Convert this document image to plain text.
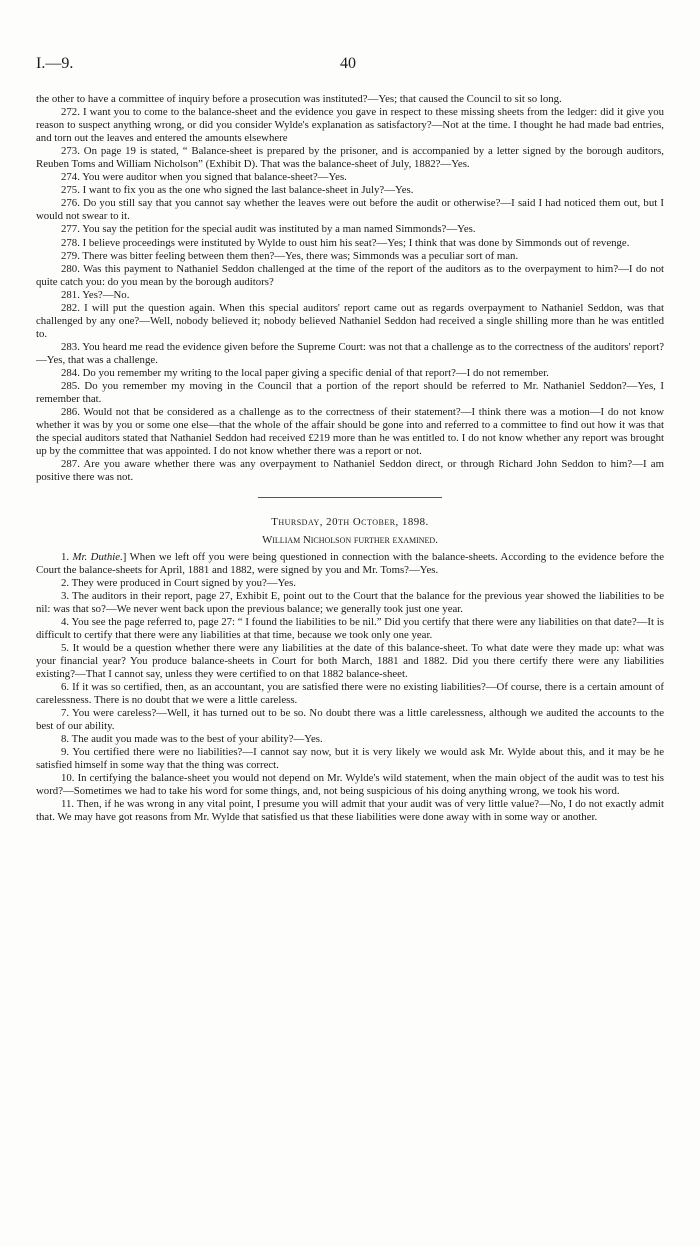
I.—9.	40

the other to have a committee of inquiry before a prosecution was instituted?—Yes; that caused the Council to sit so long.

272. I want you to come to the balance-sheet and the evidence you gave in respect to these missing sheets from the ledger: did it give you reason to suspect anything wrong, or did you consider Wylde's explanation as satisfactory?—Not at the time. I thought he had made bad entries, and torn out the leaves and entered the amounts elsewhere

273. On page 19 is stated, “ Balance-sheet is prepared by the prisoner, and is accompanied by a letter signed by the borough auditors, Reuben Toms and William Nicholson” (Exhibit D). That was the balance-sheet of July, 1882?—Yes.

274. You were auditor when you signed that balance-sheet?—Yes.

275. I want to fix you as the one who signed the last balance-sheet in July?—Yes.

276. Do you still say that you cannot say whether the leaves were out before the audit or otherwise?—I said I had noticed them out, but I would not swear to it.

277. You say the petition for the special audit was instituted by a man named Simmonds?—Yes.

278. I believe proceedings were instituted by Wylde to oust him his seat?—Yes; I think that was done by Simmonds out of revenge.

279. There was bitter feeling between them then?—Yes, there was; Simmonds was a peculiar sort of man.

280. Was this payment to Nathaniel Seddon challenged at the time of the report of the auditors as to the overpayment to him?—I do not quite catch you: do you mean by the borough auditors?

281. Yes?—No.

282. I will put the question again. When this special auditors' report came out as regards overpayment to Nathaniel Seddon, was that challenged by any one?—Well, nobody believed it; nobody believed Nathaniel Seddon had received a single shilling more than he was entitled to.

283. You heard me read the evidence given before the Supreme Court: was not that a challenge as to the correctness of the auditors' report?—Yes, that was a challenge.

284. Do you remember my writing to the local paper giving a specific denial of that report?—I do not remember.

285. Do you remember my moving in the Council that a portion of the report should be referred to Mr. Nathaniel Seddon?—Yes, I remember that.

286. Would not that be considered as a challenge as to the correctness of their statement?—I think there was a motion—I do not know whether it was by you or some one else—that the whole of the affair should be gone into and referred to a committee to find out how it was that the special auditors stated that Nathaniel Seddon had received £219 more than he was entitled to. I do not know whether any report was brought up by the committee that was appointed. I do not know whether there was a report or not.

287. Are you aware whether there was any overpayment to Nathaniel Seddon direct, or through Richard John Seddon to him?—I am positive there was not.

Thursday, 20th October, 1898.
William Nicholson further examined.

1. Mr. Duthie.] When we left off you were being questioned in connection with the balance-sheets. According to the evidence before the Court the balance-sheets for April, 1881 and 1882, were signed by you and Mr. Toms?—Yes.

2. They were produced in Court signed by you?—Yes.

3. The auditors in their report, page 27, Exhibit E, point out to the Court that the balance for the previous year showed the liabilities to be nil: was that so?—We never went back upon the previous balance; we generally took just one year.

4. You see the page referred to, page 27: “ I found the liabilities to be nil.” Did you certify that there were any liabilities on that date?—It is difficult to certify that there were any liabilities at that time, because we took only one year.

5. It would be a question whether there were any liabilities at the date of this balance-sheet. To what date were they made up: what was your financial year? You produce balance-sheets in Court for both March, 1881 and 1882. Did you there certify there were any liabilities existing?—That I cannot say, unless they were certified to on that 1882 balance-sheet.

6. If it was so certified, then, as an accountant, you are satisfied there were no existing liabilities?—Of course, there is a certain amount of carelessness. There is no doubt that we were a little careless.

7. You were careless?—Well, it has turned out to be so. No doubt there was a little carelessness, although we audited the accounts to the best of our ability.

8. The audit you made was to the best of your ability?—Yes.

9. You certified there were no liabilities?—I cannot say now, but it is very likely we would ask Mr. Wylde about this, and it may be he satisfied himself in some way that the thing was correct.

10. In certifying the balance-sheet you would not depend on Mr. Wylde's wild statement, when the main object of the audit was to test his word?—Sometimes we had to take his word for some things, and, not being suspicious of his doing anything wrong, we took his word.

11. Then, if he was wrong in any vital point, I presume you will admit that your audit was of very little value?—No, I do not exactly admit that. We may have got reasons from Mr. Wylde that satisfied us that these liabilities were done away with in some way or another.
